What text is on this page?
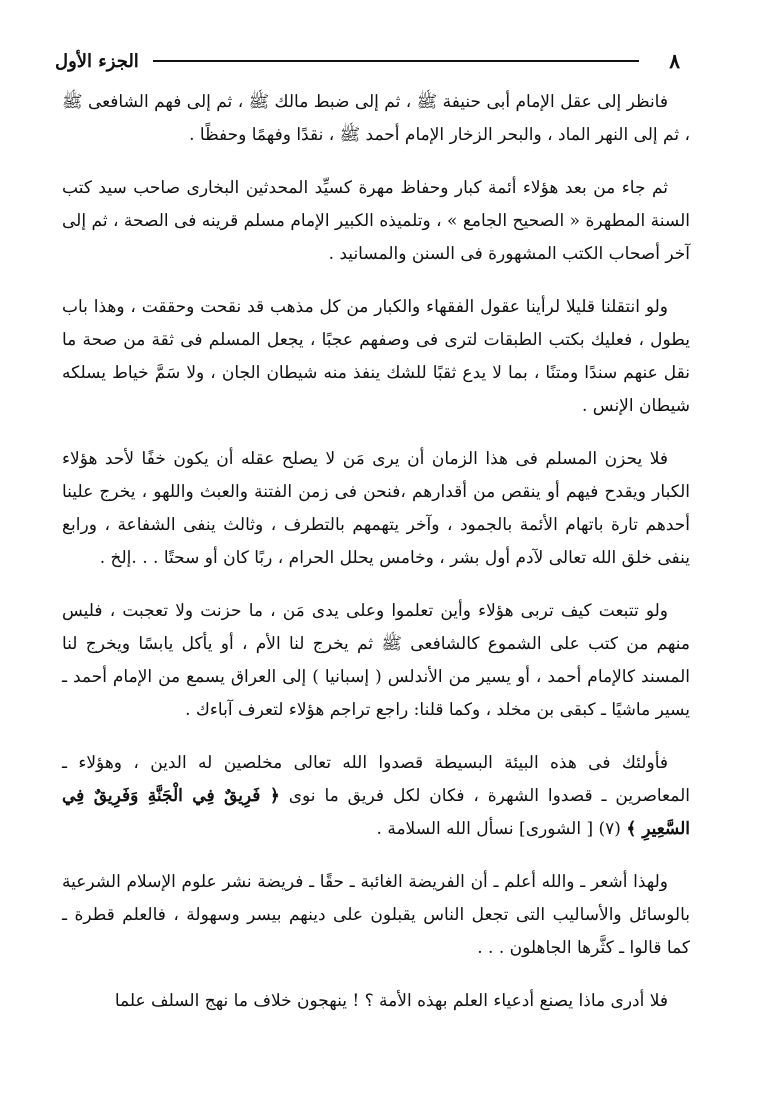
٨
الجزء الأول

فانظر إلى عقل الإمام أبى حنيفة ﷺ ، ثم إلى ضبط مالك ﷺ ، ثم إلى فهم الشافعى ﷺ ، ثم إلى النهر الماد ، والبحر الزخار الإمام أحمد ﷺ ، نقدًا وفهمًا وحفظًا .

ثم جاء من بعد هؤلاء أئمة كبار وحفاظ مهرة كسيِّد المحدثين البخارى صاحب سيد كتب السنة المطهرة « الصحيح الجامع » ، وتلميذه الكبير الإمام مسلم قرينه فى الصحة ، ثم إلى آخر أصحاب الكتب المشهورة فى السنن والمسانيد .

ولو انتقلنا قليلا لرأينا عقول الفقهاء والكبار من كل مذهب قد نقحت وحققت ، وهذا باب يطول ، فعليك بكتب الطبقات لترى فى وصفهم عجبًا ، يجعل المسلم فى ثقة من صحة ما نقل عنهم سندًا ومتنًا ، بما لا يدع ثقبًا للشك ينفذ منه شيطان الجان ، ولا سَمَّ خياط يسلكه شيطان الإنس .

فلا يحزن المسلم فى هذا الزمان أن يرى مَن لا يصلح عقله أن يكون خفًا لأحد هؤلاء الكبار ويقدح فيهم أو ينقص من أقدارهم ،فنحن فى زمن الفتنة والعبث واللهو ، يخرج علينا أحدهم تارة باتهام الأئمة بالجمود ، وآخر يتهمهم بالتطرف ، وثالث ينفى الشفاعة ، ورابع ينفى خلق الله تعالى لآدم أول بشر ، وخامس يحلل الحرام ، ربًا كان أو سحتًا . . .إلخ .

ولو تتبعت كيف تربى هؤلاء وأين تعلموا وعلى يدى مَن ، ما حزنت ولا تعجبت ، فليس منهم من كتب على الشموع كالشافعى ﷺ ثم يخرج لنا الأم ، أو يأكل يابسًا ويخرج لنا المسند كالإمام أحمد ، أو يسير من الأندلس ( إسبانيا ) إلى العراق يسمع من الإمام أحمد ـ يسير ماشيًا ـ كبقى بن مخلد ، وكما قلنا: راجع تراجم هؤلاء لتعرف آباءك .

فأولئك فى هذه البيئة البسيطة قصدوا الله تعالى مخلصين له الدين ، وهؤلاء ـ المعاصرين ـ قصدوا الشهرة ، فكان لكل فريق ما نوى ﴿ فَرِيقٌ فِي الْجَنَّةِ وَفَرِيقٌ فِي السَّعِيرِ ﴾ (٧) [ الشورى] نسأل الله السلامة .

ولهذا أشعر ـ والله أعلم ـ أن الفريضة الغائبة ـ حقًا ـ فريضة نشر علوم الإسلام الشرعية بالوسائل والأساليب التى تجعل الناس يقبلون على دينهم بيسر وسهولة ، فالعلم قطرة ـ كما قالوا ـ كثَّرها الجاهلون . . .

فلا أدرى ماذا يصنع أدعياء العلم بهذه الأمة ؟ ! ينهجون خلاف ما نهج السلف علما
